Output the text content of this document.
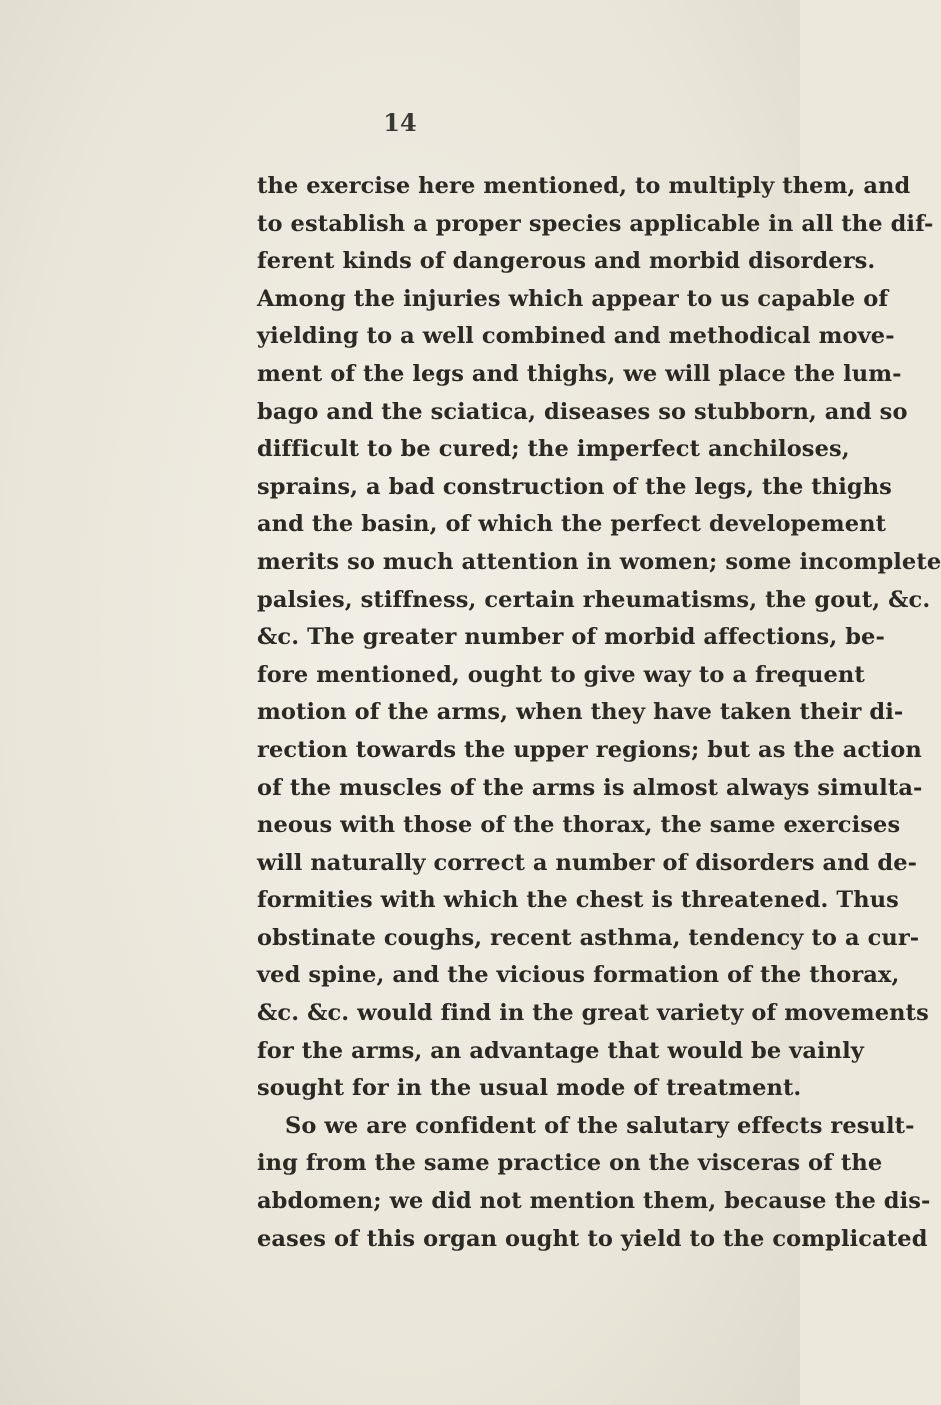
14
the exercise here mentioned, to multiply them, and
to establish a proper species applicable in all the dif-
ferent kinds of dangerous and morbid disorders.
Among the injuries which appear to us capable of
yielding to a well combined and methodical move-
ment of the legs and thighs, we will place the lum-
bago and the sciatica, diseases so stubborn, and so
difficult to be cured; the imperfect anchiloses,
sprains, a bad construction of the legs, the thighs
and the basin, of which the perfect developement
merits so much attention in women; some incomplete
palsies, stiffness, certain rheumatisms, the gout, &c.
&c. The greater number of morbid affections, be-
fore mentioned, ought to give way to a frequent
motion of the arms, when they have taken their di-
rection towards the upper regions; but as the action
of the muscles of the arms is almost always simulta-
neous with those of the thorax, the same exercises
will naturally correct a number of disorders and de-
formities with which the chest is threatened. Thus
obstinate coughs, recent asthma, tendency to a cur-
ved spine, and the vicious formation of the thorax,
&c. &c. would find in the great variety of movements
for the arms, an advantage that would be vainly
sought for in the usual mode of treatment.
So we are confident of the salutary effects result-
ing from the same practice on the visceras of the
abdomen; we did not mention them, because the dis-
eases of this organ ought to yield to the complicated
